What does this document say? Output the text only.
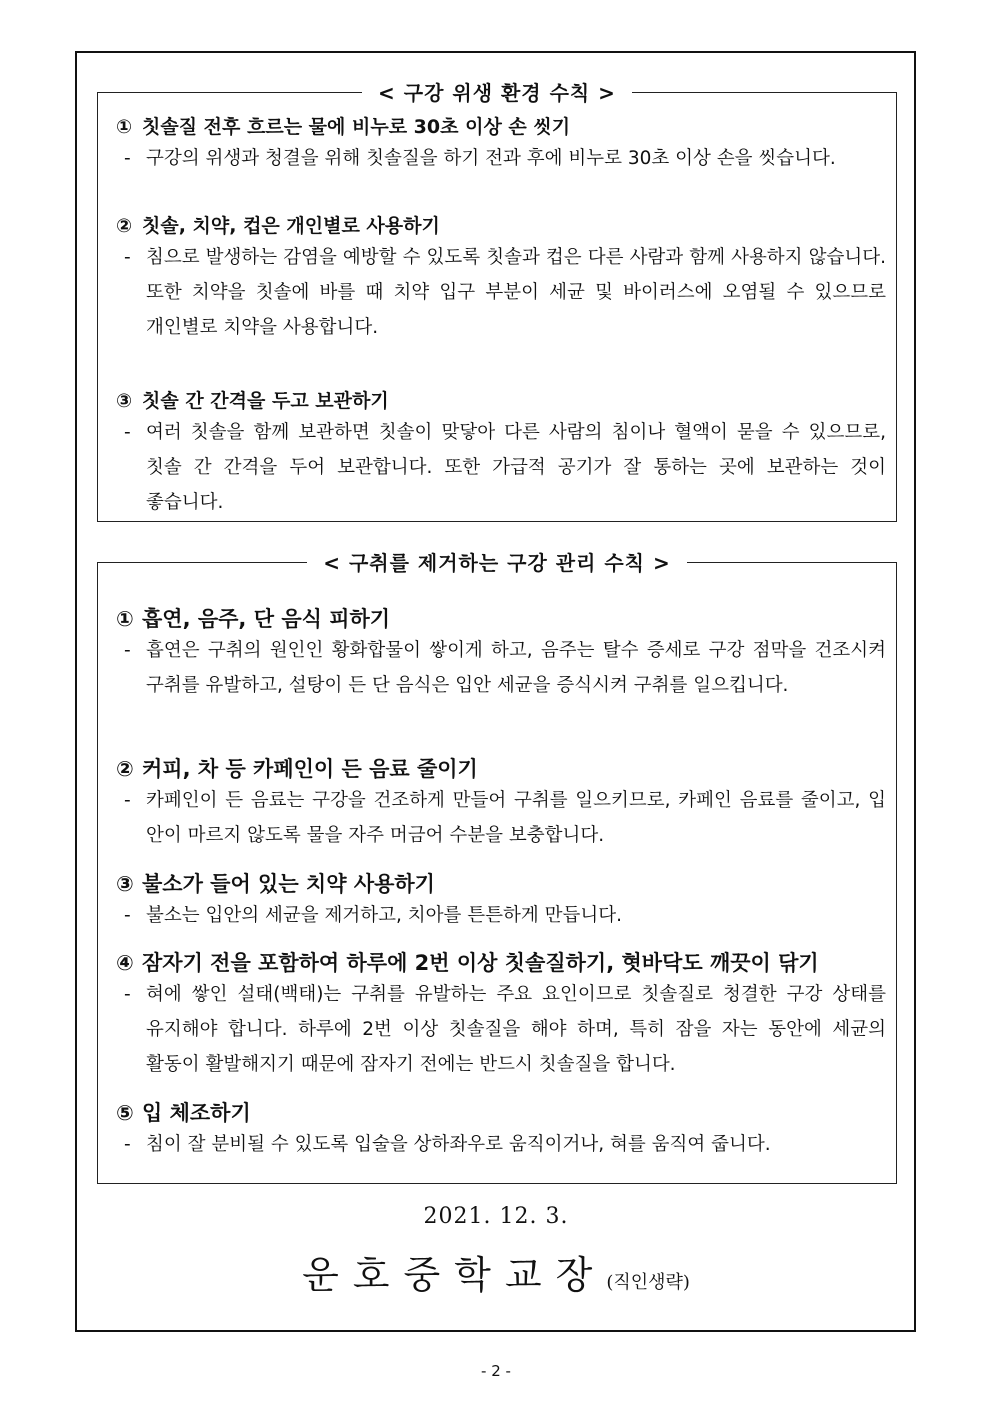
< 구강 위생 환경 수칙 >
① 칫솔질 전후 흐르는 물에 비누로 30초 이상 손 씻기
- 구강의 위생과 청결을 위해 칫솔질을 하기 전과 후에 비누로 30초 이상 손을 씻습니다.
② 칫솔, 치약, 컵은 개인별로 사용하기
- 침으로 발생하는 감염을 예방할 수 있도록 칫솔과 컵은 다른 사람과 함께 사용하지 않습니다. 또한 치약을 칫솔에 바를 때 치약 입구 부분이 세균 및 바이러스에 오염될 수 있으므로 개인별로 치약을 사용합니다.
③ 칫솔 간 간격을 두고 보관하기
- 여러 칫솔을 함께 보관하면 칫솔이 맞닿아 다른 사람의 침이나 혈액이 묻을 수 있으므로, 칫솔 간 간격을 두어 보관합니다. 또한 가급적 공기가 잘 통하는 곳에 보관하는 것이 좋습니다.
< 구취를 제거하는 구강 관리 수칙 >
① 흡연, 음주, 단 음식 피하기
- 흡연은 구취의 원인인 황화합물이 쌓이게 하고, 음주는 탈수 증세로 구강 점막을 건조시켜 구취를 유발하고, 설탕이 든 단 음식은 입안 세균을 증식시켜 구취를 일으킵니다.
② 커피, 차 등 카페인이 든 음료 줄이기
- 카페인이 든 음료는 구강을 건조하게 만들어 구취를 일으키므로, 카페인 음료를 줄이고, 입 안이 마르지 않도록 물을 자주 머금어 수분을 보충합니다.
③ 불소가 들어 있는 치약 사용하기
- 불소는 입안의 세균을 제거하고, 치아를 튼튼하게 만듭니다.
④ 잠자기 전을 포함하여 하루에 2번 이상 칫솔질하기, 혓바닥도 깨끗이 닦기
- 혀에 쌓인 설태(백태)는 구취를 유발하는 주요 요인이므로 칫솔질로 청결한 구강 상태를 유지해야 합니다. 하루에 2번 이상 칫솔질을 해야 하며, 특히 잠을 자는 동안에 세균의 활동이 활발해지기 때문에 잠자기 전에는 반드시 칫솔질을 합니다.
⑤ 입 체조하기
- 침이 잘 분비될 수 있도록 입술을 상하좌우로 움직이거나, 혀를 움직여 줍니다.
2021. 12. 3.
운호중학교장(직인생략)
- 2 -
